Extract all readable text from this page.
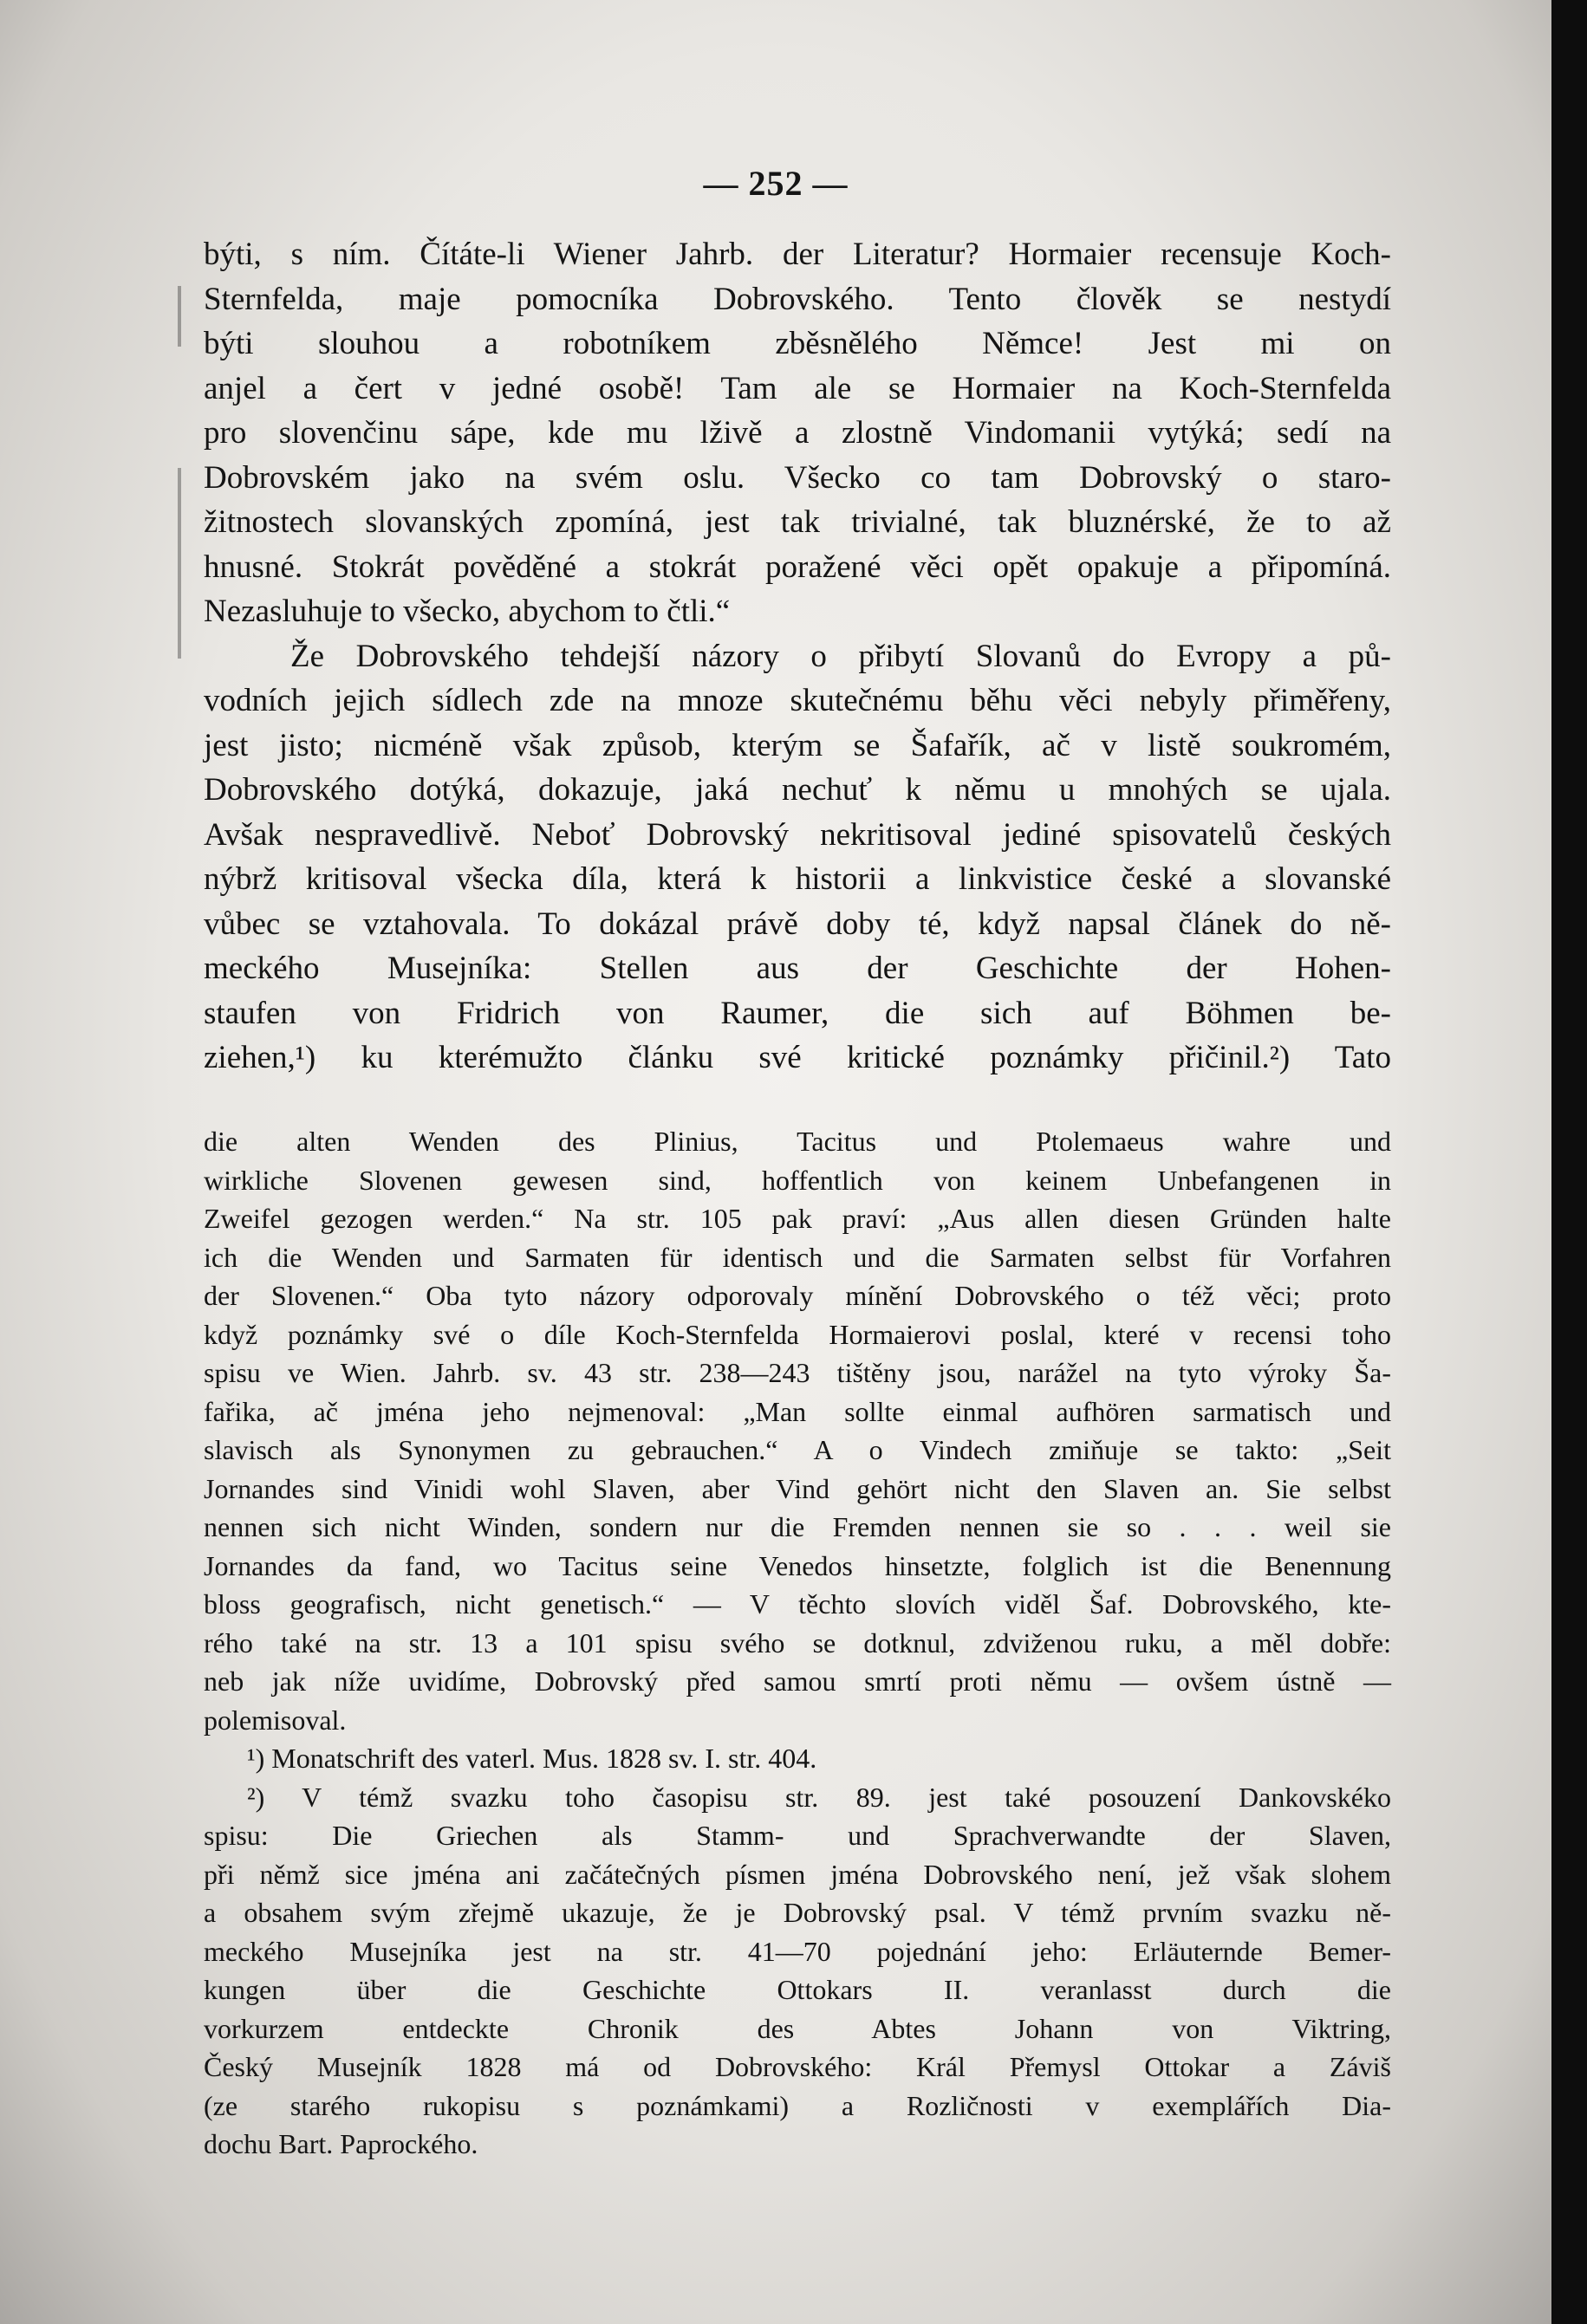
— 252 —
býti, s ním. Čítáte-li Wiener Jahrb. der Literatur? Hormaier recensuje Koch-
Sternfelda, maje pomocníka Dobrovského. Tento člověk se nestydí
býti slouhou a robotníkem zběsnělého Němce! Jest mi on
anjel a čert v jedné osobě! Tam ale se Hormaier na Koch-Sternfelda
pro slovenčinu sápe, kde mu lživě a zlostně Vindomanii vytýká; sedí na
Dobrovském jako na svém oslu. Všecko co tam Dobrovský o staro-
žitnostech slovanských zpomíná, jest tak trivialné, tak bluznérské, že to až
hnusné. Stokrát pověděné a stokrát poražené věci opět opakuje a připomíná.
Nezasluhuje to všecko, abychom to čtli.“
Že Dobrovského tehdejší názory o přibytí Slovanů do Evropy a pů-
vodních jejich sídlech zde na mnoze skutečnému běhu věci nebyly přiměřeny,
jest jisto; nicméně však způsob, kterým se Šafařík, ač v listě soukromém,
Dobrovského dotýká, dokazuje, jaká nechuť k němu u mnohých se ujala.
Avšak nespravedlivě. Neboť Dobrovský nekritisoval jediné spisovatelů českých
nýbrž kritisoval všecka díla, která k historii a linkvistice české a slovanské
vůbec se vztahovala. To dokázal právě doby té, když napsal článek do ně-
meckého Musejníka: Stellen aus der Geschichte der Hohen-
staufen von Fridrich von Raumer, die sich auf Böhmen be-
ziehen,¹) ku kterémužto článku své kritické poznámky přičinil.²) Tato
die alten Wenden des Plinius, Tacitus und Ptolemaeus wahre und
wirkliche Slovenen gewesen sind, hoffentlich von keinem Unbefangenen in
Zweifel gezogen werden.“ Na str. 105 pak praví: „Aus allen diesen Gründen halte
ich die Wenden und Sarmaten für identisch und die Sarmaten selbst für Vorfahren
der Slovenen.“ Oba tyto názory odporovaly mínění Dobrovského o též věci; proto
když poznámky své o díle Koch-Sternfelda Hormaierovi poslal, které v recensi toho
spisu ve Wien. Jahrb. sv. 43 str. 238—243 tištěny jsou, narážel na tyto výroky Ša-
fařika, ač jména jeho nejmenoval: „Man sollte einmal aufhören sarmatisch und
slavisch als Synonymen zu gebrauchen.“ A o Vindech zmiňuje se takto: „Seit
Jornandes sind Vinidi wohl Slaven, aber Vind gehört nicht den Slaven an. Sie selbst
nennen sich nicht Winden, sondern nur die Fremden nennen sie so . . . weil sie
Jornandes da fand, wo Tacitus seine Venedos hinsetzte, folglich ist die Benennung
bloss geografisch, nicht genetisch.“ — V těchto slovích viděl Šaf. Dobrovského, kte-
rého také na str. 13 a 101 spisu svého se dotknul, zdviženou ruku, a měl dobře:
neb jak níže uvidíme, Dobrovský před samou smrtí proti němu — ovšem ústně —
polemisoval.
¹) Monatschrift des vaterl. Mus. 1828 sv. I. str. 404.
²) V témž svazku toho časopisu str. 89. jest také posouzení Dankovskéko
spisu: Die Griechen als Stamm- und Sprachverwandte der Slaven,
při němž sice jména ani začátečných písmen jména Dobrovského není, jež však slohem
a obsahem svým zřejmě ukazuje, že je Dobrovský psal. V témž prvním svazku ně-
meckého Musejníka jest na str. 41—70 pojednání jeho: Erläuternde Bemer-
kungen über die Geschichte Ottokars II. veranlasst durch die
vorkurzem entdeckte Chronik des Abtes Johann von Viktring,
Český Musejník 1828 má od Dobrovského: Král Přemysl Ottokar a Záviš
(ze starého rukopisu s poznámkami) a Rozličnosti v exemplářích Dia-
dochu Bart. Paprockého.
